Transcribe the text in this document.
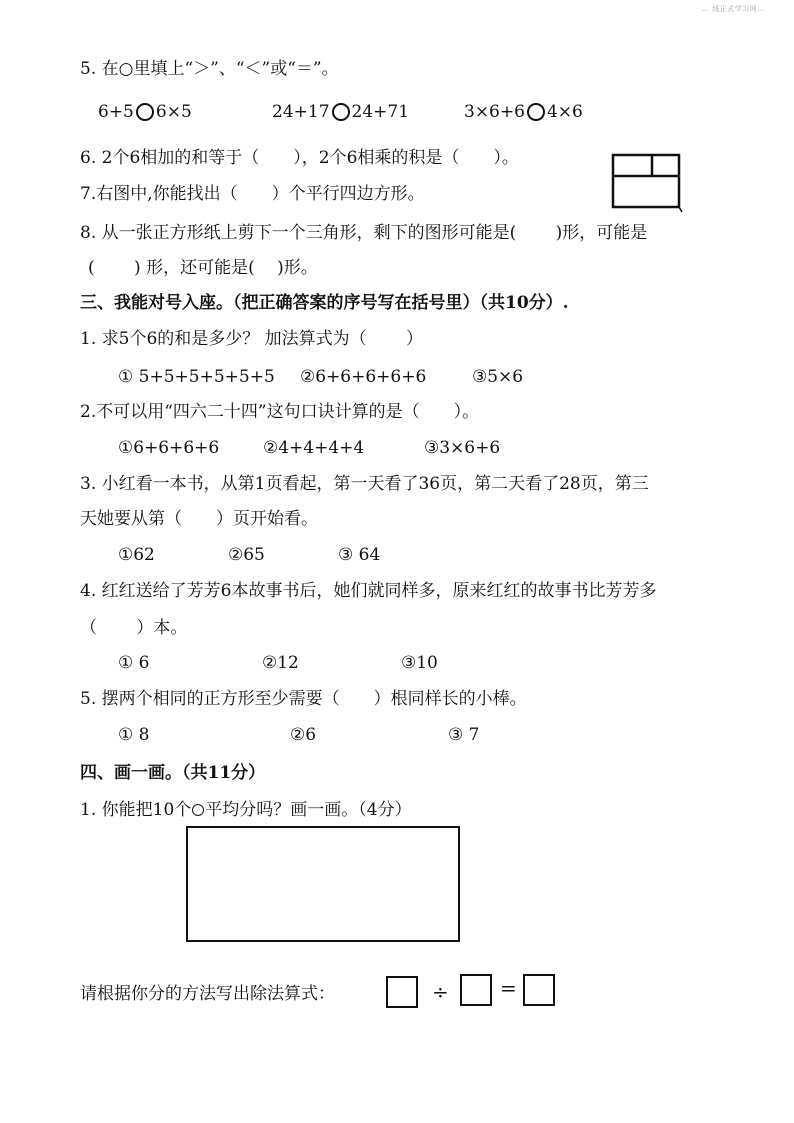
… 线正式学习网…
5. 在○里填上“＞”、“＜”或“＝”。
6+5 6×5	24+17 24+71	3×6+6 4×6
6. 2个6相加的和等于（　　），2个6相乘的积是（　　）。
7.右图中,你能找出（　　）个平行四边方形。
8. 从一张正方形纸上剪下一个三角形，剩下的图形可能是(　　 )形，可能是
(　　 ) 形，还可能是(　 )形。
三、我能对号入座。（把正确答案的序号写在括号里）（共10分）.
1. 求5个6的和是多少？ 加法算式为（　　 ）
① 5+5+5+5+5+5 ②6+6+6+6+6	③5×6
2.不可以用“四六二十四”这句口诀计算的是（　　）。
①6+6+6+6	②4+4+4+4	③3×6+6
3. 小红看一本书，从第1页看起，第一天看了36页，第二天看了28页，第三
天她要从第（　　）页开始看。
①62	②65	③ 64
4. 红红送给了芳芳6本故事书后，她们就同样多，原来红红的故事书比芳芳多
（　　 ）本。
① 6	②12	③10
5. 摆两个相同的正方形至少需要（　　）根同样长的小棒。
① 8	②6	③ 7
四、画一画。（共11分）
1. 你能把10个 平均分吗？画一画。（4分）
请根据你分的方法写出除法算式：	÷	=
